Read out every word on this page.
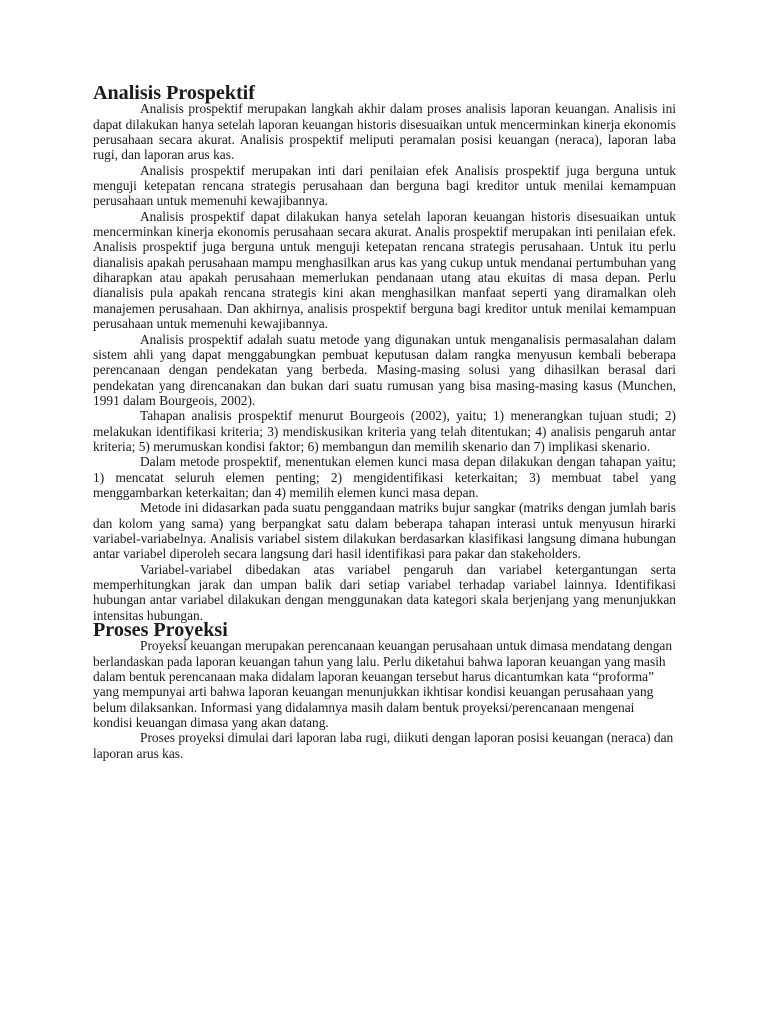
Analisis Prospektif

Analisis prospektif merupakan langkah akhir dalam proses analisis laporan keuangan. Analisis ini dapat dilakukan hanya setelah laporan keuangan historis disesuaikan untuk mencerminkan kinerja ekonomis perusahaan secara akurat. Analisis prospektif meliputi peramalan posisi keuangan (neraca), laporan laba rugi, dan laporan arus kas.

Analisis prospektif merupakan inti dari penilaian efek Analisis prospektif juga berguna untuk menguji ketepatan rencana strategis perusahaan dan berguna bagi kreditor untuk menilai kemampuan perusahaan untuk memenuhi kewajibannya.

Analisis prospektif dapat dilakukan hanya setelah laporan keuangan historis disesuaikan untuk mencerminkan kinerja ekonomis perusahaan secara akurat. Analis prospektif merupakan inti penilaian efek. Analisis prospektif juga berguna untuk menguji ketepatan rencana strategis perusahaan. Untuk itu perlu dianalisis apakah perusahaan mampu menghasilkan arus kas yang cukup untuk mendanai pertumbuhan yang diharapkan atau apakah perusahaan memerlukan pendanaan utang atau ekuitas di masa depan. Perlu dianalisis pula apakah rencana strategis kini akan menghasilkan manfaat seperti yang diramalkan oleh manajemen perusahaan. Dan akhirnya, analisis prospektif berguna bagi kreditor untuk menilai kemampuan perusahaan untuk memenuhi kewajibannya.

Analisis prospektif adalah suatu metode yang digunakan untuk menganalisis permasalahan dalam sistem ahli yang dapat menggabungkan pembuat keputusan dalam rangka menyusun kembali beberapa perencanaan dengan pendekatan yang berbeda. Masing-masing solusi yang dihasilkan berasal dari pendekatan yang direncanakan dan bukan dari suatu rumusan yang bisa masing-masing kasus (Munchen, 1991 dalam Bourgeois, 2002).

Tahapan analisis prospektif menurut Bourgeois (2002), yaitu; 1) menerangkan tujuan studi; 2) melakukan identifikasi kriteria; 3) mendiskusikan kriteria yang telah ditentukan; 4) analisis pengaruh antar kriteria; 5) merumuskan kondisi faktor; 6) membangun dan memilih skenario dan 7) implikasi skenario.

Dalam metode prospektif, menentukan elemen kunci masa depan dilakukan dengan tahapan yaitu; 1) mencatat seluruh elemen penting; 2) mengidentifikasi keterkaitan; 3) membuat tabel yang menggambarkan keterkaitan; dan 4) memilih elemen kunci masa depan.

Metode ini didasarkan pada suatu penggandaan matriks bujur sangkar (matriks dengan jumlah baris dan kolom yang sama) yang berpangkat satu dalam beberapa tahapan interasi untuk menyusun hirarki variabel-variabelnya. Analisis variabel sistem dilakukan berdasarkan klasifikasi langsung dimana hubungan antar variabel diperoleh secara langsung dari hasil identifikasi para pakar dan stakeholders.

Variabel-variabel dibedakan atas variabel pengaruh dan variabel ketergantungan serta memperhitungkan jarak dan umpan balik dari setiap variabel terhadap variabel lainnya. Identifikasi hubungan antar variabel dilakukan dengan menggunakan data kategori skala berjenjang yang menunjukkan intensitas hubungan.

Proses Proyeksi

Proyeksi keuangan merupakan perencanaan keuangan perusahaan untuk dimasa mendatang dengan berlandaskan pada laporan keuangan tahun yang lalu. Perlu diketahui bahwa laporan keuangan yang masih dalam bentuk perencanaan maka didalam laporan keuangan tersebut harus dicantumkan kata “proforma” yang mempunyai arti bahwa laporan keuangan menunjukkan ikhtisar kondisi keuangan perusahaan yang belum dilaksankan. Informasi yang didalamnya masih dalam bentuk proyeksi/perencanaan mengenai kondisi keuangan dimasa yang akan datang.

Proses proyeksi dimulai dari laporan laba rugi, diikuti dengan laporan posisi keuangan (neraca) dan laporan arus kas.
